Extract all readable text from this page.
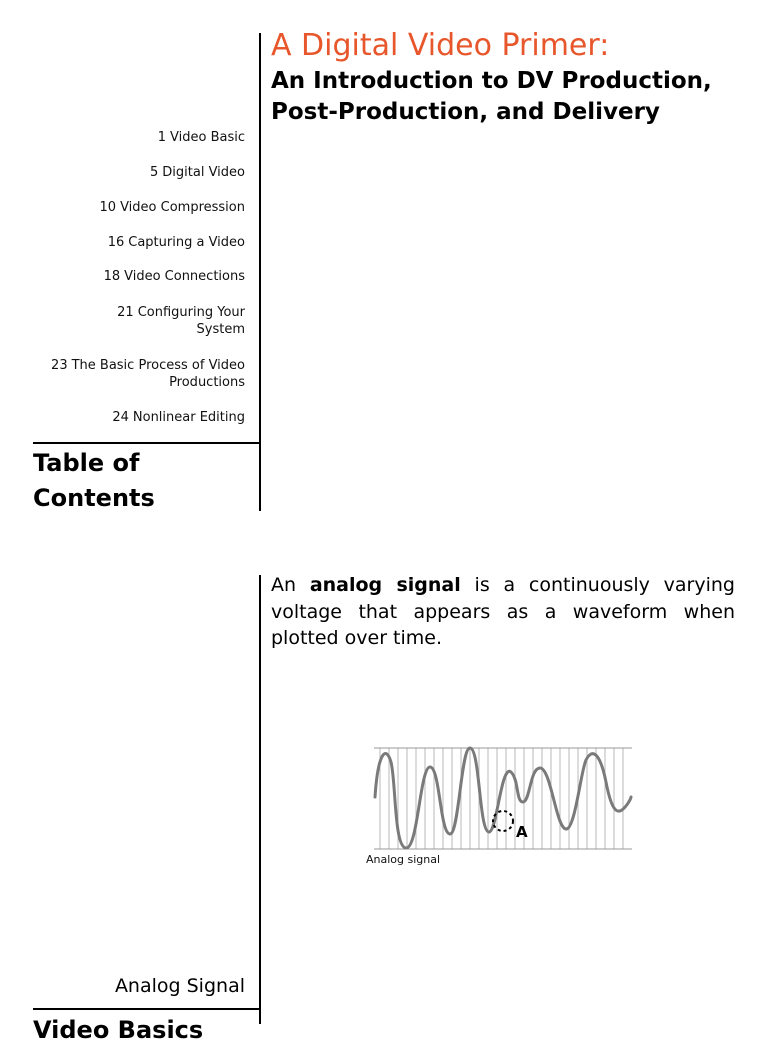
A Digital Video Primer:
An Introduction to DV Production,
Post-Production, and Delivery
1 Video Basic
5 Digital Video
10 Video Compression
16 Capturing a Video
18 Video Connections
21 Configuring Your
System
23 The Basic Process of Video
Productions
24 Nonlinear Editing
Table of
Contents

An analog signal is a continuously varying voltage that appears as a waveform when plotted over time.

A
Analog signal
Analog Signal
Video Basics
